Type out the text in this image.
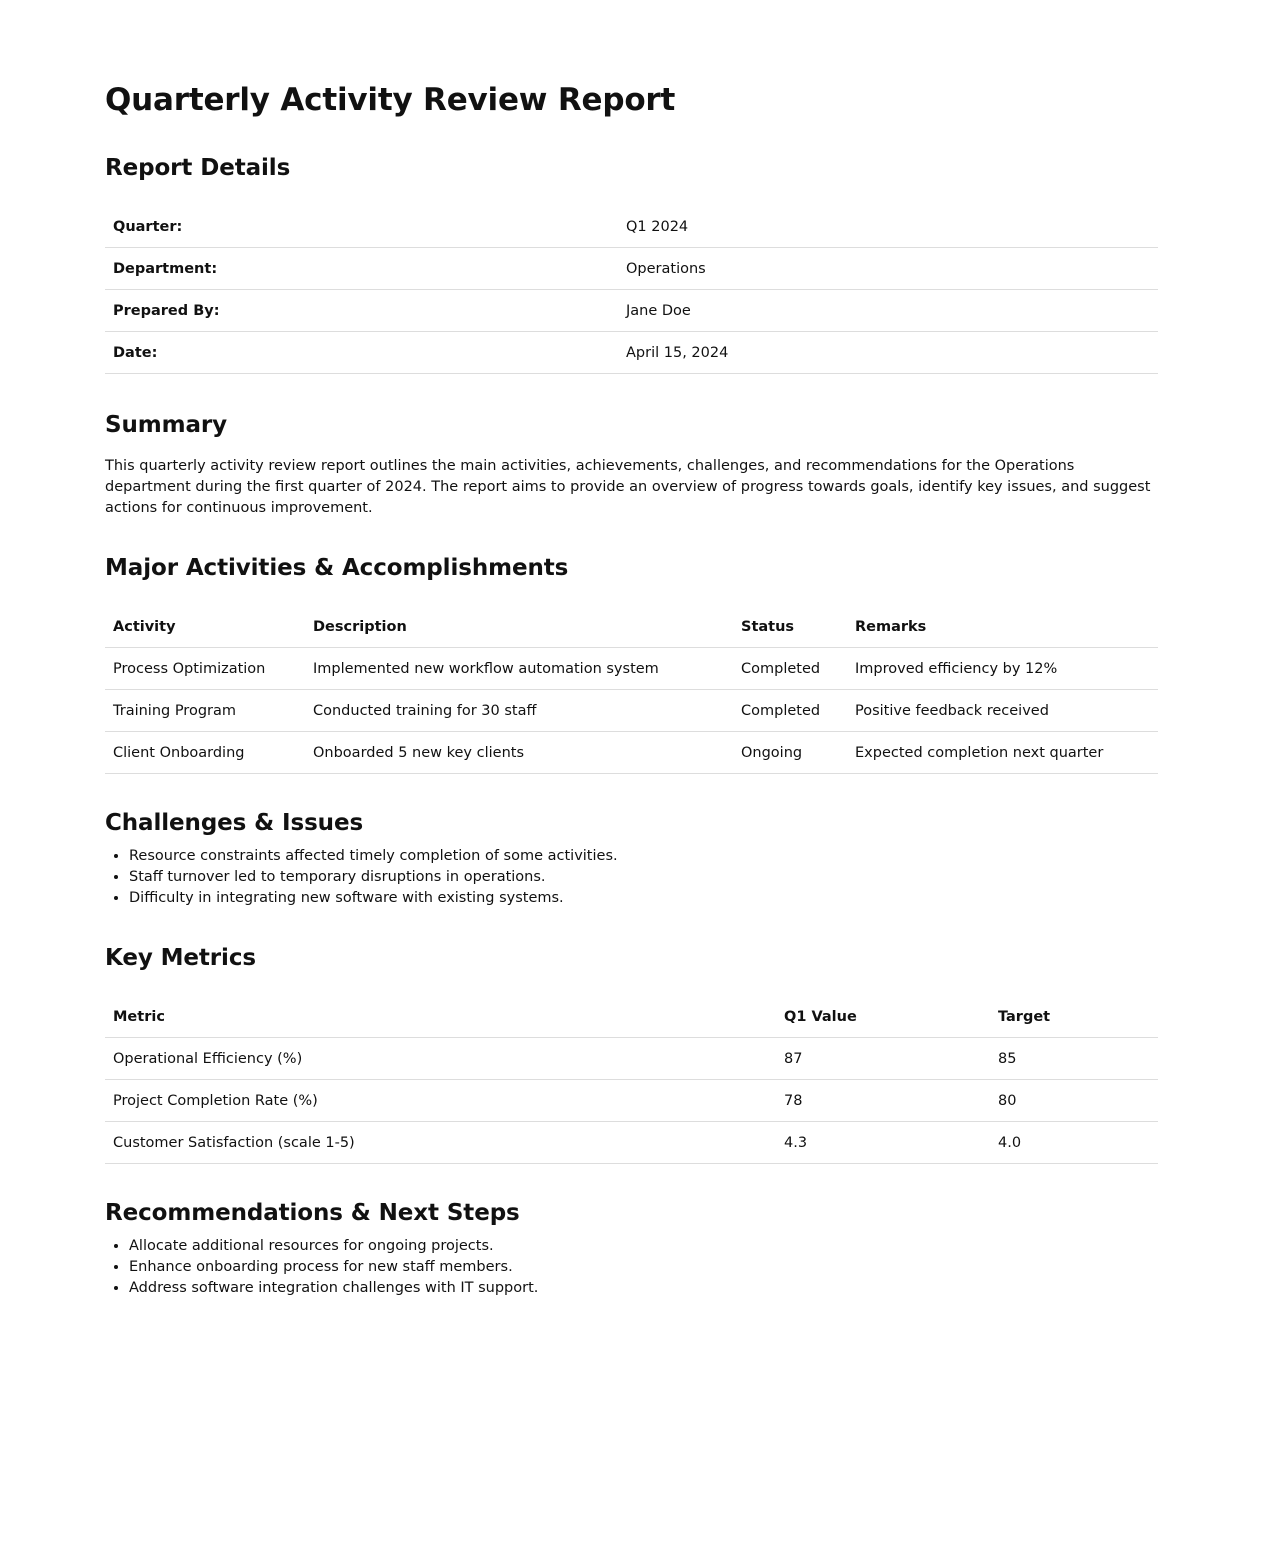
Quarterly Activity Review Report
Report Details
Quarter:	Q1 2024
Department:	Operations
Prepared By:	Jane Doe
Date:	April 15, 2024
Summary

This quarterly activity review report outlines the main activities, achievements, challenges, and recommendations for the Operations department during the first quarter of 2024. The report aims to provide an overview of progress towards goals, identify key issues, and suggest actions for continuous improvement.

Major Activities & Accomplishments
Activity	Description	Status	Remarks
Process Optimization	Implemented new workflow automation system	Completed	Improved efficiency by 12%
Training Program	Conducted training for 30 staff	Completed	Positive feedback received
Client Onboarding	Onboarded 5 new key clients	Ongoing	Expected completion next quarter
Challenges & Issues
• Resource constraints affected timely completion of some activities.
• Staff turnover led to temporary disruptions in operations.
• Difficulty in integrating new software with existing systems.
Key Metrics
Metric	Q1 Value	Target
Operational Efficiency (%)	87	85
Project Completion Rate (%)	78	80
Customer Satisfaction (scale 1-5)	4.3	4.0
Recommendations & Next Steps
• Allocate additional resources for ongoing projects.
• Enhance onboarding process for new staff members.
• Address software integration challenges with IT support.
